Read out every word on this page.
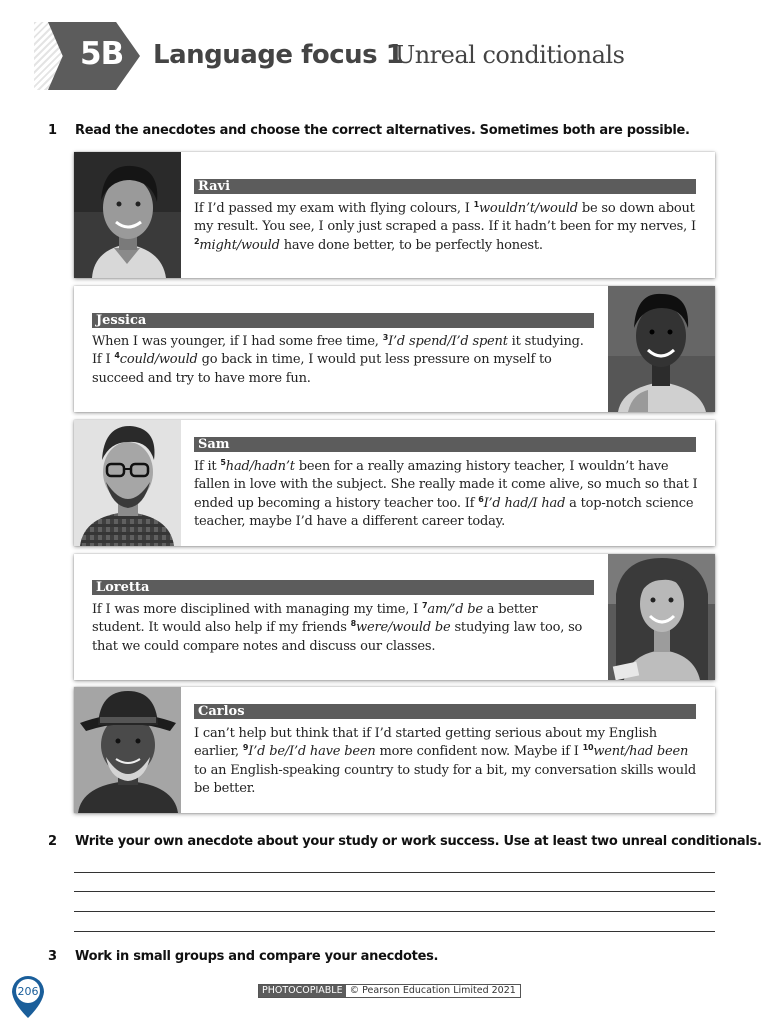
5B Language focus 1
Unreal conditionals
1 Read the anecdotes and choose the correct alternatives. Sometimes both are possible.
Ravi
If I’d passed my exam with flying colours, I $^1$wouldn’t/would be so down about my result. You see, I only just scraped a pass. If it hadn’t been for my nerves, I $^2$might/would have done better, to be perfectly honest.
Jessica
When I was younger, if I had some free time, $^3$I’d spend/I’d spent it studying. If I $^4$could/would go back in time, I would put less pressure on myself to succeed and try to have more fun.
Sam
If it $^5$had/hadn’t been for a really amazing history teacher, I wouldn’t have fallen in love with the subject. She really made it come alive, so much so that I ended up becoming a history teacher too. If $^6$I’d had/I had a top-notch science teacher, maybe I’d have a different career today.
Loretta
If I was more disciplined with managing my time, I $^7$am/’d be a better student. It would also help if my friends $^8$were/would be studying law too, so that we could compare notes and discuss our classes.
Carlos
I can’t help but think that if I’d started getting serious about my English earlier, $^9$I’d be/I’d have been more confident now. Maybe if I $^{10}$went/had been to an English-speaking country to study for a bit, my conversation skills would be better.
2 Write your own anecdote about your study or work success. Use at least two unreal conditionals.
3 Work in small groups and compare your anecdotes.
206	PHOTOCOPIABLE © Pearson Education Limited 2021
